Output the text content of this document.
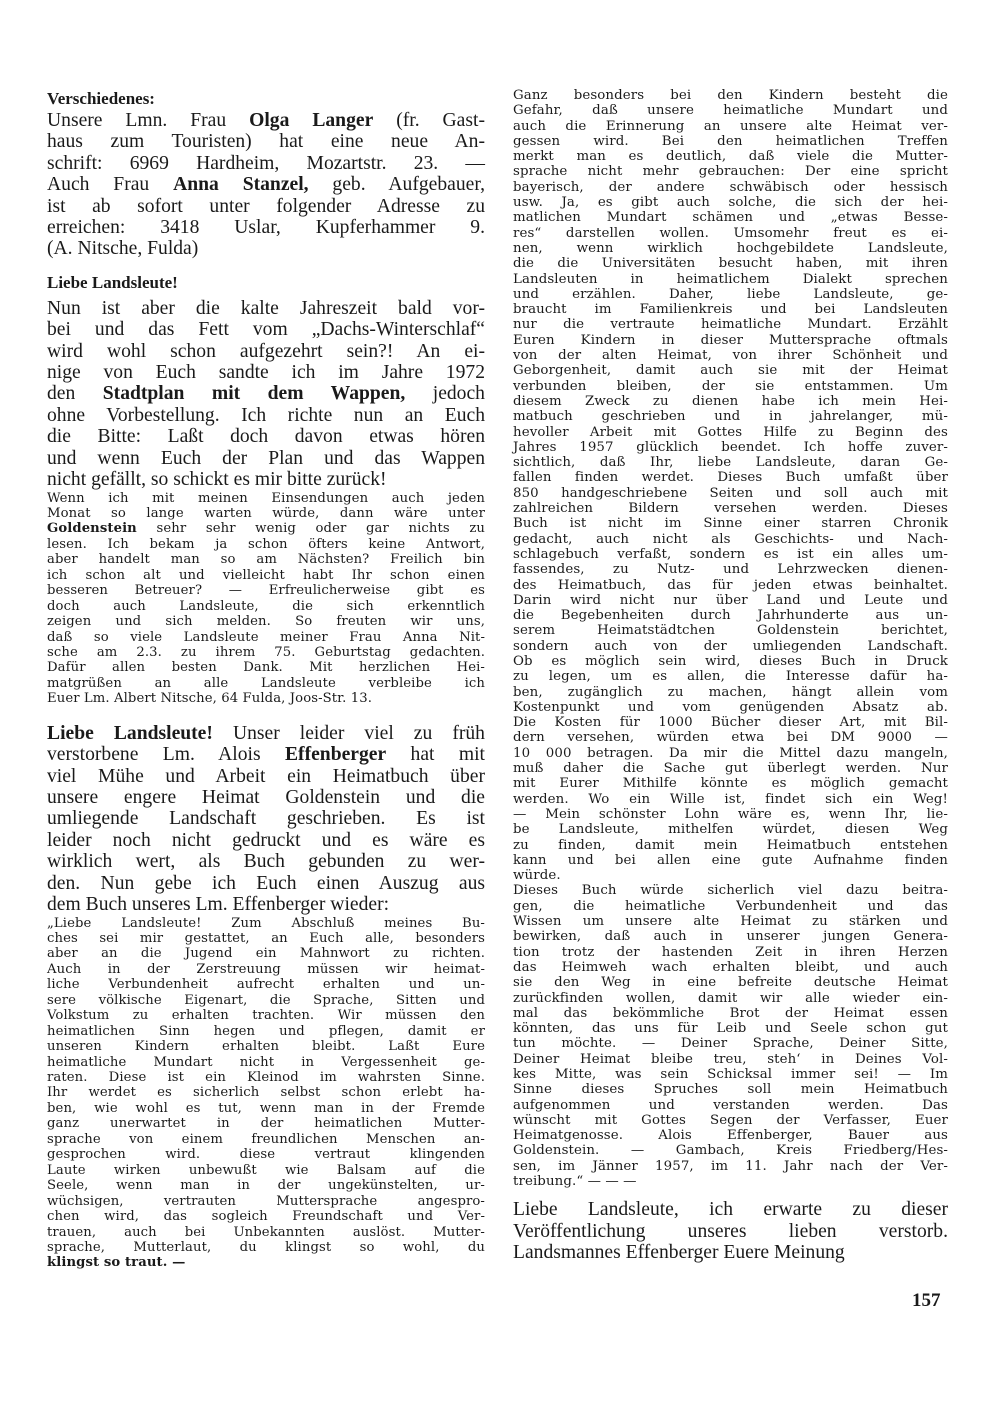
Verschiedenes:
Unsere Lmn. Frau Olga Langer (fr. Gast-
haus zum Touristen) hat eine neue An-
schrift: 6969 Hardheim, Mozartstr. 23. —
Auch Frau Anna Stanzel, geb. Aufgebauer,
ist ab sofort unter folgender Adresse zu
erreichen: 3418 Uslar, Kupferhammer 9.
(A. Nitsche, Fulda)
Liebe Landsleute!
Nun ist aber die kalte Jahreszeit bald vor-
bei und das Fett vom „Dachs-Winterschlaf“
wird wohl schon aufgezehrt sein?! An ei-
nige von Euch sandte ich im Jahre 1972
den Stadtplan mit dem Wappen, jedoch
ohne Vorbestellung. Ich richte nun an Euch
die Bitte: Laßt doch davon etwas hören
und wenn Euch der Plan und das Wappen
nicht gefällt, so schickt es mir bitte zurück!
Wenn ich mit meinen Einsendungen auch jeden
Monat so lange warten würde, dann wäre unter
Goldenstein sehr sehr wenig oder gar nichts zu
lesen. Ich bekam ja schon öfters keine Antwort,
aber handelt man so am Nächsten? Freilich bin
ich schon alt und vielleicht habt Ihr schon einen
besseren Betreuer? — Erfreulicherweise gibt es
doch auch Landsleute, die sich erkenntlich
zeigen und sich melden. So freuten wir uns,
daß so viele Landsleute meiner Frau Anna Nit-
sche am 2.3. zu ihrem 75. Geburtstag gedachten.
Dafür allen besten Dank. Mit herzlichen Hei-
matgrüßen an alle Landsleute verbleibe ich
Euer Lm. Albert Nitsche, 64 Fulda, Joos-Str. 13.
Liebe Landsleute! Unser leider viel zu früh
verstorbene Lm. Alois Effenberger hat mit
viel Mühe und Arbeit ein Heimatbuch über
unsere engere Heimat Goldenstein und die
umliegende Landschaft geschrieben. Es ist
leider noch nicht gedruckt und es wäre es
wirklich wert, als Buch gebunden zu wer-
den. Nun gebe ich Euch einen Auszug aus
dem Buch unseres Lm. Effenberger wieder:
„Liebe Landsleute! Zum Abschluß meines Bu-
ches sei mir gestattet, an Euch alle, besonders
aber an die Jugend ein Mahnwort zu richten.
Auch in der Zerstreuung müssen wir heimat-
liche Verbundenheit aufrecht erhalten und un-
sere völkische Eigenart, die Sprache, Sitten und
Volkstum zu erhalten trachten. Wir müssen den
heimatlichen Sinn hegen und pflegen, damit er
unseren Kindern erhalten bleibt. Laßt Eure
heimatliche Mundart nicht in Vergessenheit ge-
raten. Diese ist ein Kleinod im wahrsten Sinne.
Ihr werdet es sicherlich selbst schon erlebt ha-
ben, wie wohl es tut, wenn man in der Fremde
ganz unerwartet in der heimatlichen Mutter-
sprache von einem freundlichen Menschen an-
gesprochen wird. diese vertraut klingenden
Laute wirken unbewußt wie Balsam auf die
Seele, wenn man in der ungekünstelten, ur-
wüchsigen, vertrauten Muttersprache angespro-
chen wird, das sogleich Freundschaft und Ver-
trauen, auch bei Unbekannten auslöst. Mutter-
sprache, Mutterlaut, du klingst so wohl, du
klingst so traut. —
Ganz besonders bei den Kindern besteht die
Gefahr, daß unsere heimatliche Mundart und
auch die Erinnerung an unsere alte Heimat ver-
gessen wird. Bei den heimatlichen Treffen
merkt man es deutlich, daß viele die Mutter-
sprache nicht mehr gebrauchen: Der eine spricht
bayerisch, der andere schwäbisch oder hessisch
usw. Ja, es gibt auch solche, die sich der hei-
matlichen Mundart schämen und „etwas Besse-
res“ darstellen wollen. Umsomehr freut es ei-
nen, wenn wirklich hochgebildete Landsleute,
die die Universitäten besucht haben, mit ihren
Landsleuten in heimatlichem Dialekt sprechen
und erzählen. Daher, liebe Landsleute, ge-
braucht im Familienkreis und bei Landsleuten
nur die vertraute heimatliche Mundart. Erzählt
Euren Kindern in dieser Muttersprache oftmals
von der alten Heimat, von ihrer Schönheit und
Geborgenheit, damit auch sie mit der Heimat
verbunden bleiben, der sie entstammen. Um
diesem Zweck zu dienen habe ich mein Hei-
matbuch geschrieben und in jahrelanger, mü-
hevoller Arbeit mit Gottes Hilfe zu Beginn des
Jahres 1957 glücklich beendet. Ich hoffe zuver-
sichtlich, daß Ihr, liebe Landsleute, daran Ge-
fallen finden werdet. Dieses Buch umfaßt über
850 handgeschriebene Seiten und soll auch mit
zahlreichen Bildern versehen werden. Dieses
Buch ist nicht im Sinne einer starren Chronik
gedacht, auch nicht als Geschichts- und Nach-
schlagebuch verfaßt, sondern es ist ein alles um-
fassendes, zu Nutz- und Lehrzwecken dienen-
des Heimatbuch, das für jeden etwas beinhaltet.
Darin wird nicht nur über Land und Leute und
die Begebenheiten durch Jahrhunderte aus un-
serem Heimatstädtchen Goldenstein berichtet,
sondern auch von der umliegenden Landschaft.
Ob es möglich sein wird, dieses Buch in Druck
zu legen, um es allen, die Interesse dafür ha-
ben, zugänglich zu machen, hängt allein vom
Kostenpunkt und vom genügenden Absatz ab.
Die Kosten für 1000 Bücher dieser Art, mit Bil-
dern versehen, würden etwa bei DM 9000 —
10 000 betragen. Da mir die Mittel dazu mangeln,
muß daher die Sache gut überlegt werden. Nur
mit Eurer Mithilfe könnte es möglich gemacht
werden. Wo ein Wille ist, findet sich ein Weg!
— Mein schönster Lohn wäre es, wenn Ihr, lie-
be Landsleute, mithelfen würdet, diesen Weg
zu finden, damit mein Heimatbuch entstehen
kann und bei allen eine gute Aufnahme finden
würde.
Dieses Buch würde sicherlich viel dazu beitra-
gen, die heimatliche Verbundenheit und das
Wissen um unsere alte Heimat zu stärken und
bewirken, daß auch in unserer jungen Genera-
tion trotz der hastenden Zeit in ihren Herzen
das Heimweh wach erhalten bleibt, und auch
sie den Weg in eine befreite deutsche Heimat
zurückfinden wollen, damit wir alle wieder ein-
mal das bekömmliche Brot der Heimat essen
könnten, das uns für Leib und Seele schon gut
tun möchte. — Deiner Sprache, Deiner Sitte,
Deiner Heimat bleibe treu, steh‘ in Deines Vol-
kes Mitte, was sein Schicksal immer sei! — Im
Sinne dieses Spruches soll mein Heimatbuch
aufgenommen und verstanden werden. Das
wünscht mit Gottes Segen der Verfasser, Euer
Heimatgenosse. Alois Effenberger, Bauer aus
Goldenstein. — Gambach, Kreis Friedberg/Hes-
sen, im Jänner 1957, im 11. Jahr nach der Ver-
treibung.“ — — —
Liebe Landsleute, ich erwarte zu dieser
Veröffentlichung unseres lieben verstorb.
Landsmannes Effenberger Euere Meinung
157
